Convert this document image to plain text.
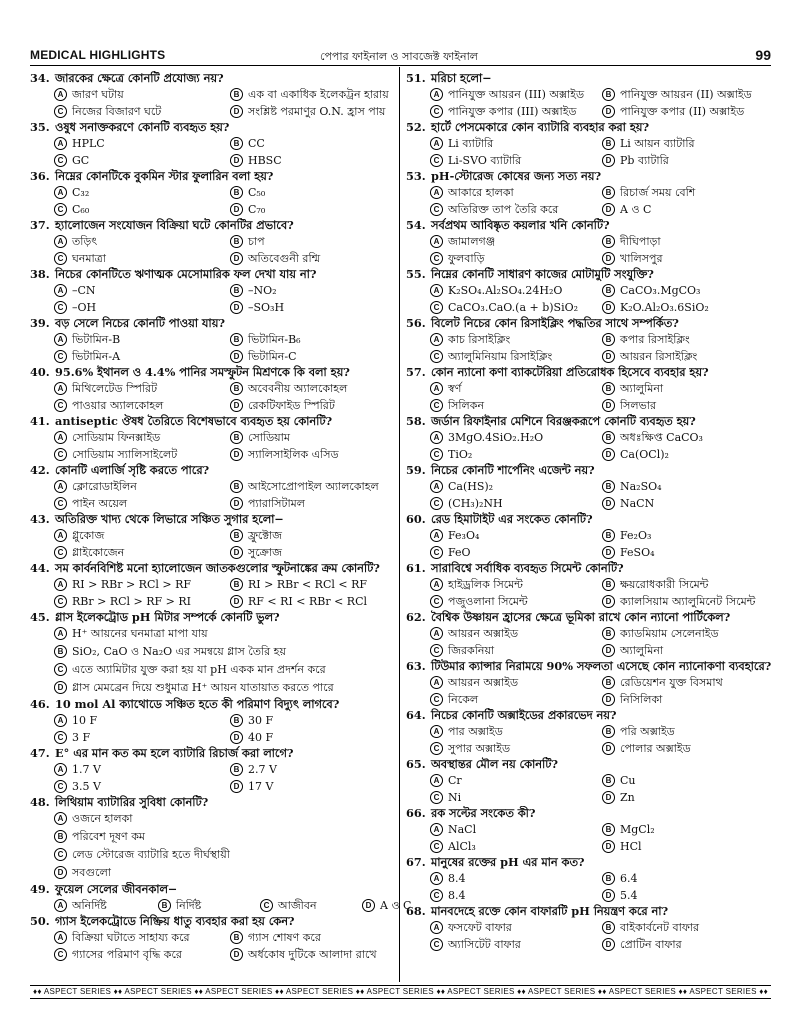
MEDICAL HIGHLIGHTS	পেপার ফাইনাল ও সাবজেক্ট ফাইনাল	99
34. জারকের ক্ষেত্রে কোনটি প্রযোজ্য নয়?
A জারণ ঘটায়	B এক বা একাধিক ইলেকট্রন হারায়
C নিজের বিজারণ ঘটে	D সংশ্লিষ্ট পরমাণুর O.N. হ্রাস পায়
35. ওষুধ সনাক্তকরণে কোনটি ব্যবহৃত হয়?
A HPLC	B CC
C GC	D HBSC
36. নিম্নের কোনটিকে বুকমিন স্টার ফুলারিন বলা হয়?
A C₃₂	B C₅₀
C C₆₀	D C₇₀
37. হ্যালোজেন সংযোজন বিক্রিয়া ঘটে কোনটির প্রভাবে?
A তড়িৎ	B চাপ
C ঘনমাত্রা	D অতিবেগুনী রশ্মি
38. নিচের কোনটিতে ঋণাত্মক মেসোমারিক ফল দেখা যায় না?
A –CN	B –NO₂
C –OH	D –SO₃H
39. বড় সেলে নিচের কোনটি পাওয়া যায়?
A ভিটামিন-B	B ভিটামিন-B₆
C ভিটামিন-A	D ভিটামিন-C
40. 95.6% ইথানল ও 4.4% পানির সমস্ফুটন মিশ্রণকে কি বলা হয়?
A মিথিলেটেড স্পিরিট	B অবেবনীয় অ্যালকোহল
C পাওয়ার অ্যালকোহল	D রেকটিফাইড স্পিরিট
41. antiseptic ঔষধ তৈরিতে বিশেষভাবে ব্যবহৃত হয় কোনটি?
A সোডিয়াম ফিনক্সাইড	B সোডিয়াম
C সোডিয়াম স্যালিসাইলেট	D স্যালিসাইলিক এসিড
42. কোনটি এলার্জি সৃষ্টি করতে পারে?
A ক্লোরোডাইলিন	B আইসোপ্রোপাইল অ্যালকোহল
C পাইন অয়েল	D প্যারাসিটামল
43. অতিরিক্ত খাদ্য থেকে লিভারে সঞ্চিত সুগার হলো−
A গ্লুকোজ	B ফ্রুক্টোজ
C গ্লাইকোজেন	D সুক্রোজ
44. সম কার্বনবিশিষ্ট মনো হ্যালোজেন জাতকগুলোর স্ফুটনাঙ্কের ক্রম কোনটি?
A RI > RBr > RCl > RF	B RI > RBr < RCl < RF
C RBr > RCl > RF > RI	D RF < RI < RBr < RCl
45. গ্লাস ইলেকট্রোড pH মিটার সম্পর্কে কোনটি ভুল?
A H⁺ আয়নের ঘনমাত্রা মাপা যায়
B SiO₂, CaO ও Na₂O এর সমন্বয়ে গ্লাস তৈরি হয়
C এতে অ্যামিটার যুক্ত করা হয় যা pH একক মান প্রদর্শন করে
D গ্লাস মেমব্রেন দিয়ে শুধুমাত্র H⁺ আয়ন যাতায়াত করতে পারে
46. 10 mol Al ক্যাথোডে সঞ্চিত হতে কী পরিমাণ বিদ্যুৎ লাগবে?
A 10 F	B 30 F
C 3 F	D 40 F
47. E° এর মান কত কম হলে ব্যাটারি রিচার্জ করা লাগে?
A 1.7 V	B 2.7 V
C 3.5 V	D 17 V
48. লিথিয়াম ব্যাটারির সুবিধা কোনটি?
A ওজনে হালকা
B পরিবেশ দূষণ কম
C লেড স্টোরেজ ব্যাটারি হতে দীর্ঘস্থায়ী
D সবগুলো
49. ফুয়েল সেলের জীবনকাল−
A অনির্দিষ্ট	B নির্দিষ্ট	C আজীবন	D A ও C
50. গ্যাস ইলেকট্রোডে নিষ্ক্রিয় ধাতু ব্যবহার করা হয় কেন?
A বিক্রিয়া ঘটাতে সাহায্য করে	B গ্যাস শোষণ করে
C গ্যাসের পরিমাণ বৃদ্ধি করে	D অর্ধকোষ দুটিকে আলাদা রাখে
51. মরিচা হলো−
A পানিযুক্ত আয়রন (III) অক্সাইড	B পানিযুক্ত আয়রন (II) অক্সাইড
C পানিযুক্ত কপার (III) অক্সাইড	D পানিযুক্ত কপার (II) অক্সাইড
52. হার্টে পেসমেকারে কোন ব্যাটারি ব্যবহার করা হয়?
A Li ব্যাটারি	B Li আয়ন ব্যাটারি
C Li-SVO ব্যাটারি	D Pb ব্যাটারি
53. pH-স্টোরেজ কোষের জন্য সত্য নয়?
A আকারে হালকা	B রিচার্জ সময় বেশি
C অতিরিক্ত তাপ তৈরি করে	D A ও C
54. সর্বপ্রথম আবিষ্কৃত কয়লার খনি কোনটি?
A জামালগঞ্জ	B দীঘিপাড়া
C ফুলবাড়ি	D খালিসপুর
55. নিম্নের কোনটি সাধারণ কাজের মোটামুটি সংযুক্তি?
A K₂SO₄.Al₂SO₄.24H₂O	B CaCO₃.MgCO₃
C CaCO₃.CaO.(a + b)SiO₂	D K₂O.Al₂O₃.6SiO₂
56. বিলেট নিচের কোন রিসাইক্লিং পদ্ধতির সাথে সম্পর্কিত?
A কাচ রিসাইক্লিং	B কপার রিসাইক্লিং
C অ্যালুমিনিয়াম রিসাইক্লিং	D আয়রন রিসাইক্লিং
57. কোন ন্যানো কণা ব্যাকটেরিয়া প্রতিরোধক হিসেবে ব্যবহার হয়?
A স্বর্ণ	B অ্যালুমিনা
C সিলিকন	D সিলভার
58. জর্ডান রিফাইনার মেশিনে বিরঞ্জকরূপে কোনটি ব্যবহৃত হয়?
A 3MgO.4SiO₂.H₂O	B অধঃক্ষিপ্ত CaCO₃
C TiO₂	D Ca(OCl)₂
59. নিচের কোনটি শার্পেনিং এজেন্ট নয়?
A Ca(HS)₂	B Na₂SO₄
C (CH₃)₂NH	D NaCN
60. রেড হিমাটাইট এর সংকেত কোনটি?
A Fe₃O₄	B Fe₂O₃
C FeO	D FeSO₄
61. সারাবিশ্বে সর্বাধিক ব্যবহৃত সিমেন্ট কোনটি?
A হাইড্রলিক সিমেন্ট	B ক্ষয়রোধকারী সিমেন্ট
C পজুওলানা সিমেন্ট	D ক্যালসিয়াম অ্যালুমিনেট সিমেন্ট
62. বৈশ্বিক উষ্ণায়ন হ্রাসের ক্ষেত্রে ভূমিকা রাখে কোন ন্যানো পার্টিকেল?
A আয়রন অক্সাইড	B ক্যাডমিয়াম সেলেনাইড
C জিরকনিয়া	D অ্যালুমিনা
63. টিউমার ক্যান্সার নিরাময়ে 90% সফলতা এসেছে কোন ন্যানোকণা ব্যবহারে?
A আয়রন অক্সাইড	B রেডিয়েশন যুক্ত বিসমাথ
C নিকেল	D নিসিলিকা
64. নিচের কোনটি অক্সাইডের প্রকারভেদ নয়?
A পার অক্সাইড	B পরি অক্সাইড
C সুপার অক্সাইড	D পোলার অক্সাইড
65. অবস্থান্তর মৌল নয় কোনটি?
A Cr	B Cu
C Ni	D Zn
66. রক সল্টের সংকেত কী?
A NaCl	B MgCl₂
C AlCl₃	D HCl
67. মানুষের রক্তের pH এর মান কত?
A 8.4	B 6.4
C 8.4	D 5.4
68. মানবদেহে রক্তে কোন বাফারটি pH নিয়ন্ত্রণ করে না?
A ফসফেট বাফার	B বাইকার্বনেট বাফার
C অ্যাসিটেট বাফার	D প্রোটিন বাফার
♦♦ ASPECT SERIES ♦♦ ASPECT SERIES ♦♦ ASPECT SERIES ♦♦ ASPECT SERIES ♦♦ ASPECT SERIES ♦♦ ASPECT SERIES ♦♦ ASPECT SERIES ♦♦ ASPECT SERIES ♦♦ ASPECT SERIES ♦♦
